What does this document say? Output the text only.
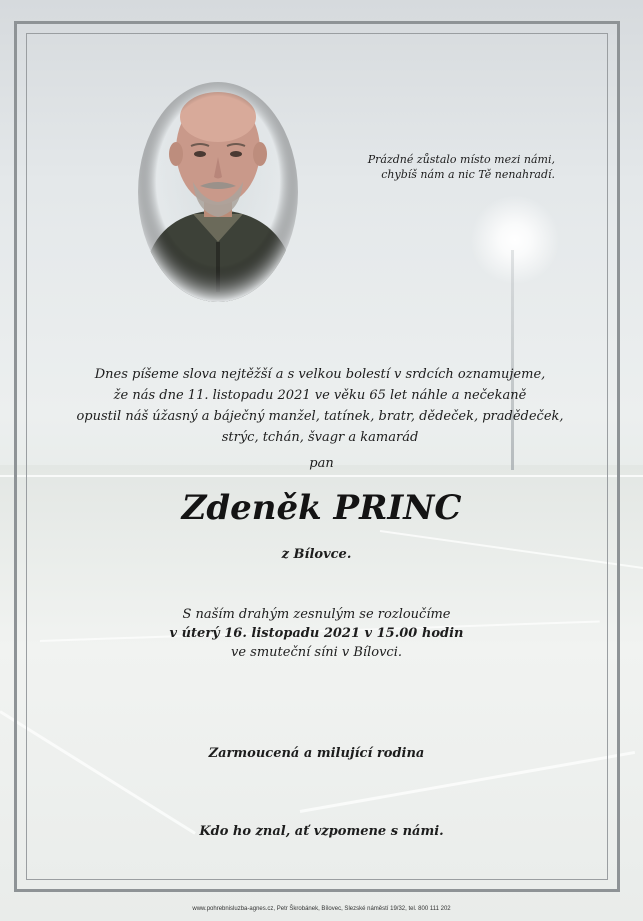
Prázdné zůstalo místo mezi námi,
chybíš nám a nic Tě nenahradí.
Dnes píšeme slova nejtěžší a s velkou bolestí v srdcích oznamujeme,
že nás dne 11. listopadu 2021 ve věku 65 let náhle a nečekaně
opustil náš úžasný a báječný manžel, tatínek, bratr, dědeček, pradědeček,
strýc, tchán, švagr a kamarád
pan
Zdeněk PRINC
z Bílovce.
S naším drahým zesnulým se rozloučíme
v úterý 16. listopadu 2021 v 15.00 hodin
ve smuteční síni v Bílovci.
Zarmoucená a milující rodina
Kdo ho znal, ať vzpomene s námi.
www.pohrebnisluzba-agnes.cz, Petr Škrobánek, Bílovec, Slezské náměstí 19/32, tel. 800 111 202
